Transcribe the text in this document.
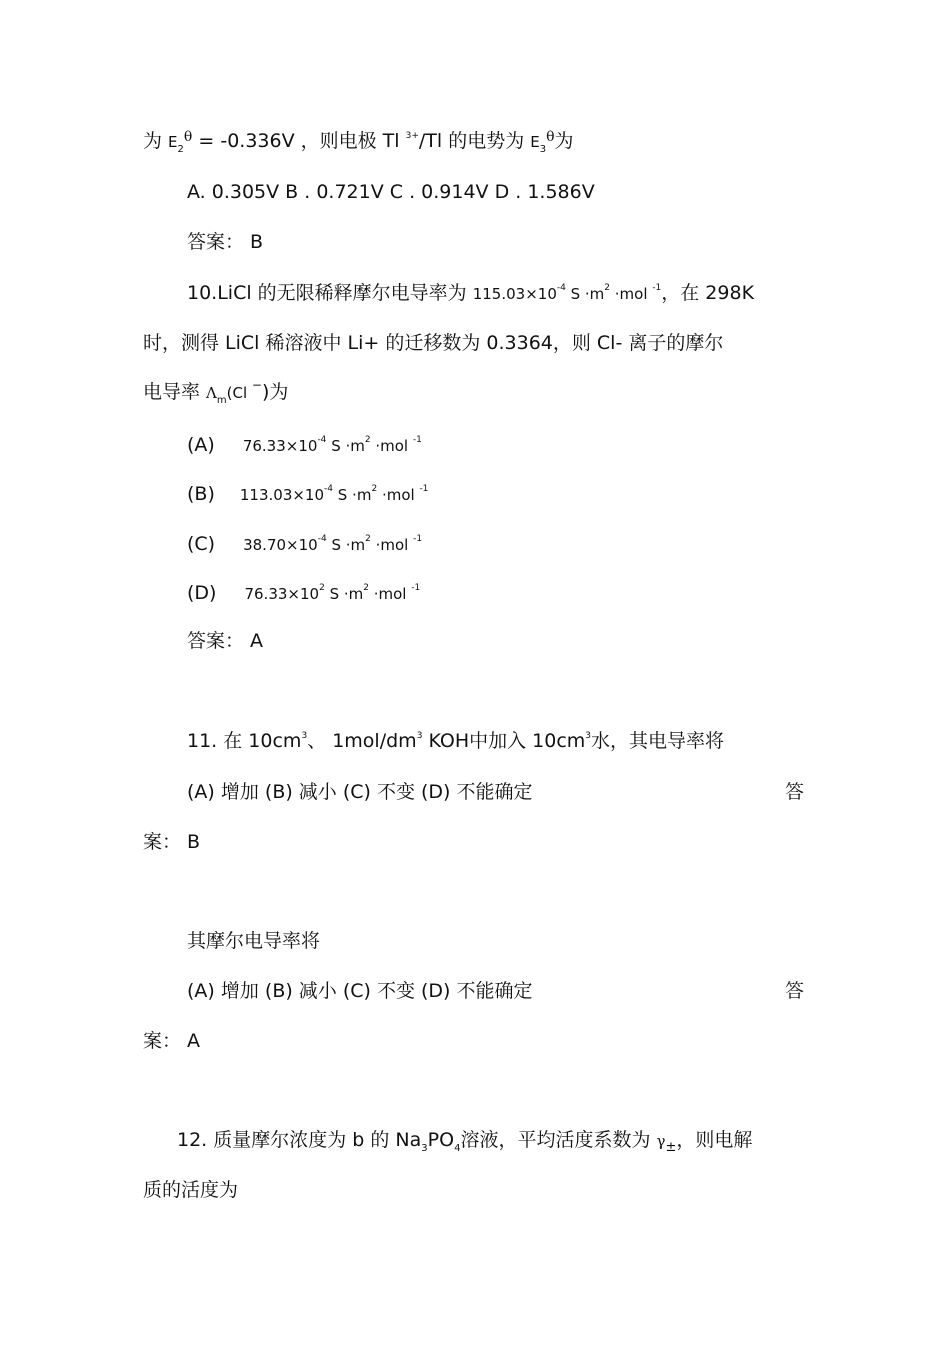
为 $E_2^\theta = -0.336V$ ，则电极 Tl $^{3+}$/Tl 的电势为 $E_3^\theta$为
A. 0.305V B . 0.721V C . 0.914V D . 1.586V
答案： B
10.LiCl 的无限稀释摩尔电导率为 $115.03\times 10^{-4}$ $S \cdot m^2 \cdot mol$ $^{-1}$，在 298K
时，测得 LiCl 稀溶液中 Li+ 的迁移数为 0.3364，则 Cl- 离子的摩尔
电导率 $\Lambda_m(Cl$ −)为
(A) $76.33\times 10^{-4}$ $S \cdot m^2 \cdot mol$ $^{-1}$
(B) $113.03\times 10^{-4}$ $S \cdot m^2 \cdot mol$ $^{-1}$
(C) $38.70\times 10^{-4}$ $S \cdot m^2 \cdot mol$ $^{-1}$
(D) $76.33\times 10^2$ $S \cdot m^2 \cdot mol$ $^{-1}$
答案： A
11. 在 $10cm^3$、 $1mol/dm^3$ KOH中加入 $10cm^3$水，其电导率将
(A) 增加 (B) 减小 (C) 不变 (D) 不能确定	答
案： B
其摩尔电导率将
(A) 增加 (B) 减小 (C) 不变 (D) 不能确定	答
案： A
12. 质量摩尔浓度为 b 的 $Na_3PO_4$溶液，平均活度系数为 $\gamma_\pm$，则电解
质的活度为
